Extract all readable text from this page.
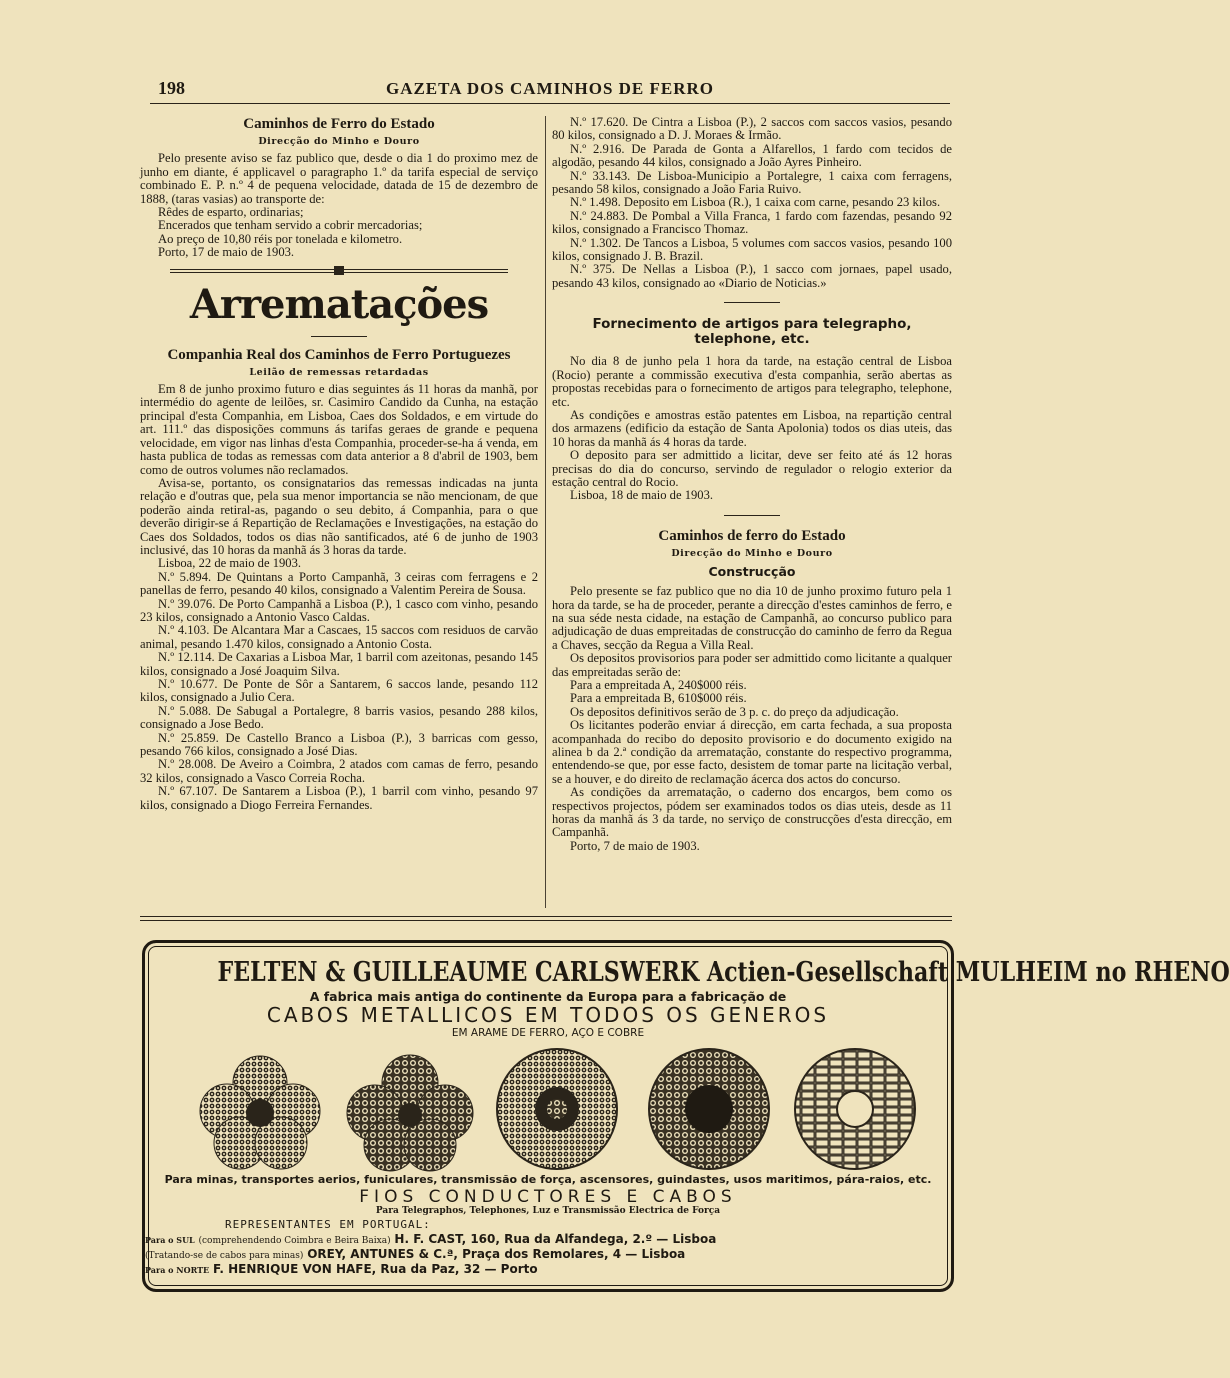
198	GAZETA DOS CAMINHOS DE FERRO
Caminhos de Ferro do Estado
Direcção do Minho e Douro

Pelo presente aviso se faz publico que, desde o dia 1 do proximo mez de junho em diante, é applicavel o paragrapho 1.º da tarifa especial de serviço combinado E. P. n.º 4 de pequena velocidade, datada de 15 de dezembro de 1888, (taras vasias) ao transporte de:

Rêdes de esparto, ordinarias;

Encerados que tenham servido a cobrir mercadorias;

Ao preço de 10,80 réis por tonelada e kilometro.

Porto, 17 de maio de 1903.

Arrematações
Companhia Real dos Caminhos de Ferro Portuguezes
Leilão de remessas retardadas

Em 8 de junho proximo futuro e dias seguintes ás 11 horas da manhã, por intermédio do agente de leilões, sr. Casimiro Candido da Cunha, na estação principal d'esta Companhia, em Lisboa, Caes dos Soldados, e em virtude do art. 111.º das disposições communs ás tarifas geraes de grande e pequena velocidade, em vigor nas linhas d'esta Companhia, proceder-se-ha á venda, em hasta publica de todas as remessas com data anterior a 8 d'abril de 1903, bem como de outros volumes não reclamados.

Avisa-se, portanto, os consignatarios das remessas indicadas na junta relação e d'outras que, pela sua menor importancia se não mencionam, de que poderão ainda retiral-as, pagando o seu debito, á Companhia, para o que deverão dirigir-se á Repartição de Reclamações e Investigações, na estação do Caes dos Soldados, todos os dias não santificados, até 6 de junho de 1903 inclusivé, das 10 horas da manhã ás 3 horas da tarde.

Lisboa, 22 de maio de 1903.

N.º 5.894. De Quintans a Porto Campanhã, 3 ceiras com ferragens e 2 panellas de ferro, pesando 40 kilos, consignado a Valentim Pereira de Sousa.

N.º 39.076. De Porto Campanhã a Lisboa (P.), 1 casco com vinho, pesando 23 kilos, consignado a Antonio Vasco Caldas.

N.º 4.103. De Alcantara Mar a Cascaes, 15 saccos com residuos de carvão animal, pesando 1.470 kilos, consignado a Antonio Costa.

N.º 12.114. De Caxarias a Lisboa Mar, 1 barril com azeitonas, pesando 145 kilos, consignado a José Joaquim Silva.

N.º 10.677. De Ponte de Sôr a Santarem, 6 saccos lande, pesando 112 kilos, consignado a Julio Cera.

N.º 5.088. De Sabugal a Portalegre, 8 barris vasios, pesando 288 kilos, consignado a Jose Bedo.

N.º 25.859. De Castello Branco a Lisboa (P.), 3 barricas com gesso, pesando 766 kilos, consignado a José Dias.

N.º 28.008. De Aveiro a Coimbra, 2 atados com camas de ferro, pesando 32 kilos, consignado a Vasco Correia Rocha.

N.º 67.107. De Santarem a Lisboa (P.), 1 barril com vinho, pesando 97 kilos, consignado a Diogo Ferreira Fernandes.

N.º 17.620. De Cintra a Lisboa (P.), 2 saccos com saccos vasios, pesando 80 kilos, consignado a D. J. Moraes & Irmão.

N.º 2.916. De Parada de Gonta a Alfarellos, 1 fardo com tecidos de algodão, pesando 44 kilos, consignado a João Ayres Pinheiro.

N.º 33.143. De Lisboa-Municipio a Portalegre, 1 caixa com ferragens, pesando 58 kilos, consignado a João Faria Ruivo.

N.º 1.498. Deposito em Lisboa (R.), 1 caixa com carne, pesando 23 kilos.

N.º 24.883. De Pombal a Villa Franca, 1 fardo com fazendas, pesando 92 kilos, consignado a Francisco Thomaz.

N.º 1.302. De Tancos a Lisboa, 5 volumes com saccos vasios, pesando 100 kilos, consignado J. B. Brazil.

N.º 375. De Nellas a Lisboa (P.), 1 sacco com jornaes, papel usado, pesando 43 kilos, consignado ao «Diario de Noticias.»

Fornecimento de artigos para telegrapho, telephone, etc.

No dia 8 de junho pela 1 hora da tarde, na estação central de Lisboa (Rocio) perante a commissão executiva d'esta companhia, serão abertas as propostas recebidas para o fornecimento de artigos para telegrapho, telephone, etc.

As condições e amostras estão patentes em Lisboa, na repartição central dos armazens (edificio da estação de Santa Apolonia) todos os dias uteis, das 10 horas da manhã ás 4 horas da tarde.

O deposito para ser admittido a licitar, deve ser feito até ás 12 horas precisas do dia do concurso, servindo de regulador o relogio exterior da estação central do Rocio.

Lisboa, 18 de maio de 1903.

Caminhos de ferro do Estado
Direcção do Minho e Douro
Construcção

Pelo presente se faz publico que no dia 10 de junho proximo futuro pela 1 hora da tarde, se ha de proceder, perante a direcção d'estes caminhos de ferro, e na sua séde nesta cidade, na estação de Campanhã, ao concurso publico para adjudicação de duas empreitadas de construcção do caminho de ferro da Regua a Chaves, secção da Regua a Villa Real.

Os depositos provisorios para poder ser admittido como licitante a qualquer das empreitadas serão de:

Para a empreitada A, 240$000 réis.

Para a empreitada B, 610$000 réis.

Os depositos definitivos serão de 3 p. c. do preço da adjudicação.

Os licitantes poderão enviar á direcção, em carta fechada, a sua proposta acompanhada do recibo do deposito provisorio e do documento exigido na alinea b da 2.ª condição da arrematação, constante do respectivo programma, entendendo-se que, por esse facto, desistem de tomar parte na licitação verbal, se a houver, e do direito de reclamação ácerca dos actos do concurso.

As condições da arrematação, o caderno dos encargos, bem como os respectivos projectos, pódem ser examinados todos os dias uteis, desde as 11 horas da manhã ás 3 da tarde, no serviço de construcções d'esta direcção, em Campanhã.

Porto, 7 de maio de 1903.

FELTEN & GUILLEAUME CARLSWERK Actien-Gesellschaft MULHEIM no RHENO
A fabrica mais antiga do continente da Europa para a fabricação de
CABOS METALLICOS EM TODOS OS GENEROS
EM ARAME DE FERRO, AÇO E COBRE
Para minas, transportes aerios, funiculares, transmissão de força, ascensores, guindastes, usos maritimos, pára-raios, etc.
FIOS CONDUCTORES E CABOS
Para Telegraphos, Telephones, Luz e Transmissão Electrica de Força
REPRESENTANTES EM PORTUGAL:
Para o SUL (comprehendendo Coimbra e Beira Baixa) H. F. CAST, 160, Rua da Alfandega, 2.º — Lisboa
(Tratando-se de cabos para minas) OREY, ANTUNES & C.ª, Praça dos Remolares, 4 — Lisboa
Para o NORTE F. HENRIQUE VON HAFE, Rua da Paz, 32 — Porto
